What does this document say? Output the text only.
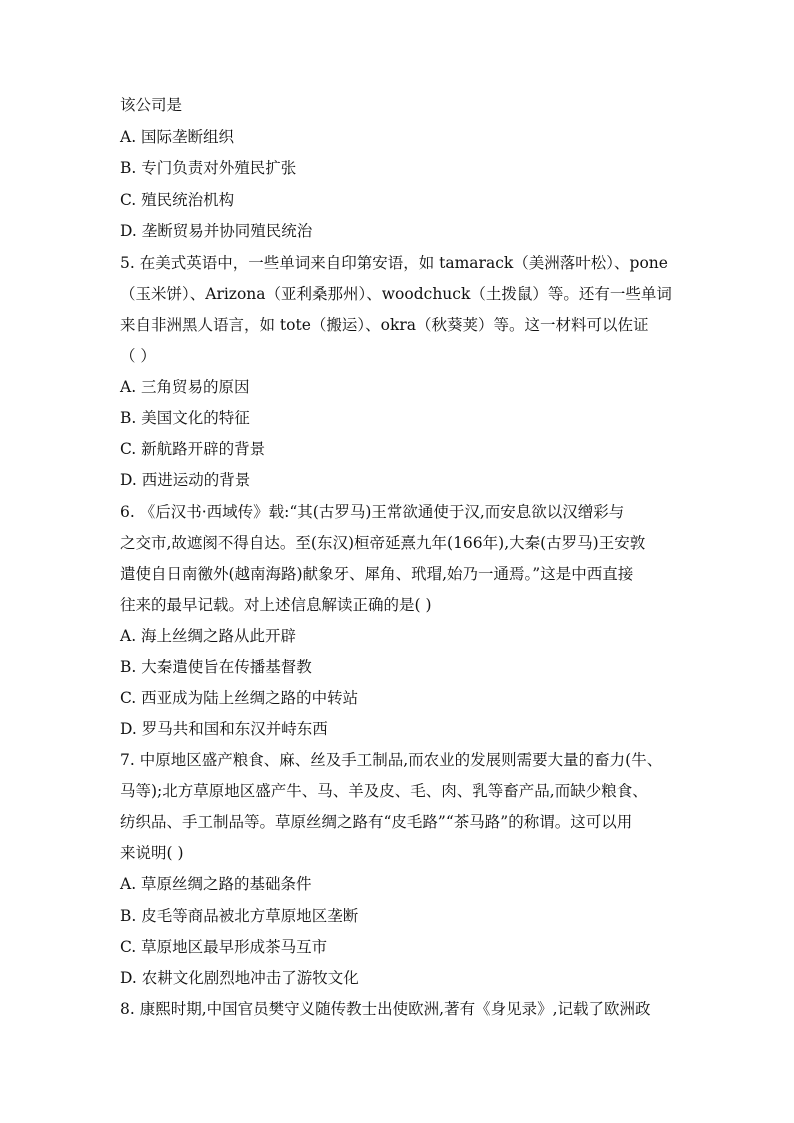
该公司是
A. 国际垄断组织
B. 专门负责对外殖民扩张
C. 殖民统治机构
D. 垄断贸易并协同殖民统治
5. 在美式英语中，一些单词来自印第安语，如 tamarack（美洲落叶松）、pone
（玉米饼）、Arizona（亚利桑那州）、woodchuck（土拨鼠）等。还有一些单词
来自非洲黑人语言，如 tote（搬运）、okra（秋葵荚）等。这一材料可以佐证
（ ）
A. 三角贸易的原因
B. 美国文化的特征
C. 新航路开辟的背景
D. 西进运动的背景
6. 《后汉书·西域传》载:“其(古罗马)王常欲通使于汉,而安息欲以汉缯彩与
之交市,故遮阂不得自达。至(东汉)桓帝延熹九年(166年),大秦(古罗马)王安敦
遣使自日南徼外(越南海路)献象牙、犀角、玳瑁,始乃一通焉。”这是中西直接
往来的最早记载。对上述信息解读正确的是( )
A. 海上丝绸之路从此开辟
B. 大秦遣使旨在传播基督教
C. 西亚成为陆上丝绸之路的中转站
D. 罗马共和国和东汉并峙东西
7. 中原地区盛产粮食、麻、丝及手工制品,而农业的发展则需要大量的畜力(牛、
马等);北方草原地区盛产牛、马、羊及皮、毛、肉、乳等畜产品,而缺少粮食、
纺织品、手工制品等。草原丝绸之路有“皮毛路”“茶马路”的称谓。这可以用
来说明( )
A. 草原丝绸之路的基础条件
B. 皮毛等商品被北方草原地区垄断
C. 草原地区最早形成茶马互市
D. 农耕文化剧烈地冲击了游牧文化
8. 康熙时期,中国官员樊守义随传教士出使欧洲,著有《身见录》,记载了欧洲政
